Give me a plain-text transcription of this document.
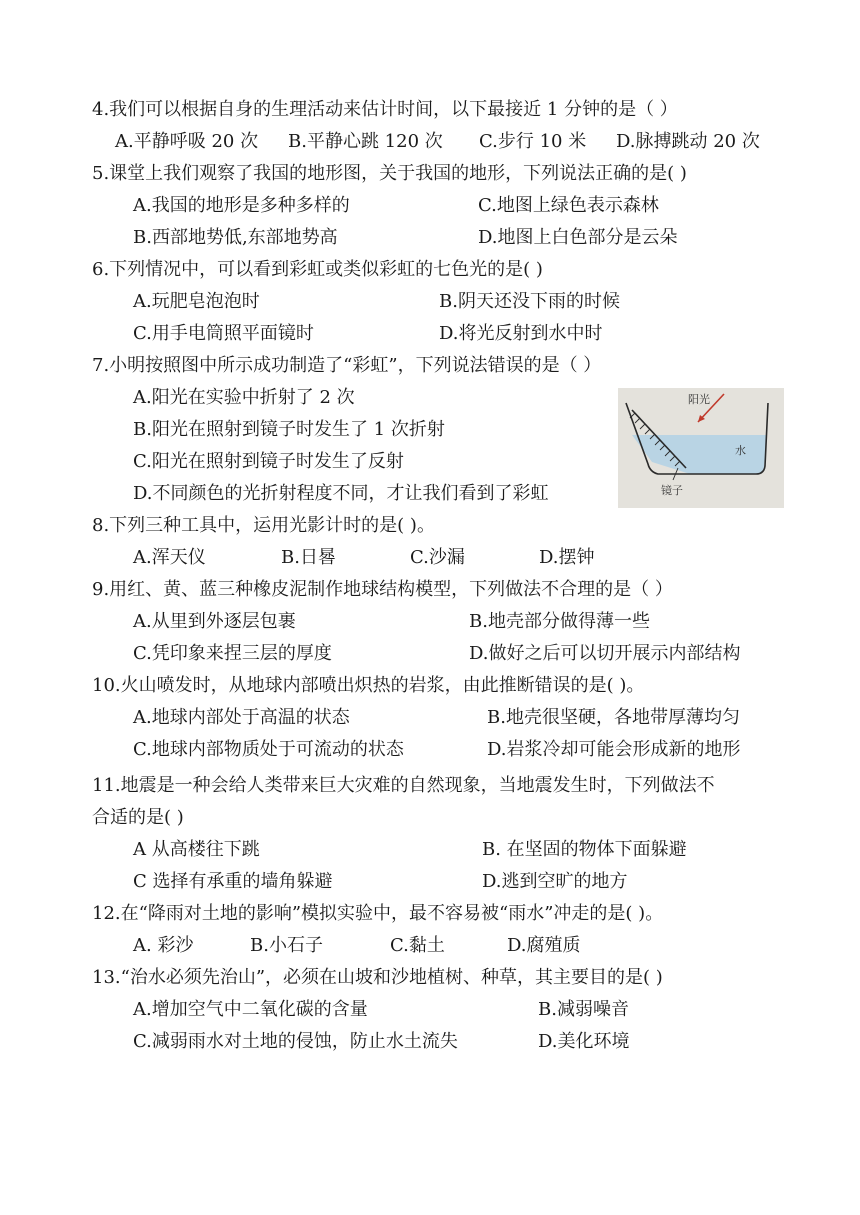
4.我们可以根据自身的生理活动来估计时间，以下最接近 1 分钟的是（ ）
A.平静呼吸 20 次 B.平静心跳 120 次 C.步行 10 米 D.脉搏跳动 20 次
5.课堂上我们观察了我国的地形图，关于我国的地形，下列说法正确的是( )
A.我国的地形是多种多样的	C.地图上绿色表示森林
B.西部地势低,东部地势高	D.地图上白色部分是云朵
6.下列情况中，可以看到彩虹或类似彩虹的七色光的是( )
A.玩肥皂泡泡时	B.阴天还没下雨的时候
C.用手电筒照平面镜时	D.将光反射到水中时
7.小明按照图中所示成功制造了“彩虹”，下列说法错误的是（ ）
A.阳光在实验中折射了 2 次
B.阳光在照射到镜子时发生了 1 次折射
C.阳光在照射到镜子时发生了反射
D.不同颜色的光折射程度不同，才让我们看到了彩虹
阳光
水
镜子
8.下列三种工具中，运用光影计时的是( )。
A.浑天仪	B.日晷	C.沙漏	D.摆钟
9.用红、黄、蓝三种橡皮泥制作地球结构模型，下列做法不合理的是（ ）
A.从里到外逐层包裹	B.地壳部分做得薄一些
C.凭印象来捏三层的厚度	D.做好之后可以切开展示内部结构
10.火山喷发时，从地球内部喷出炽热的岩浆，由此推断错误的是( )。
A.地球内部处于高温的状态	B.地壳很坚硬，各地带厚薄均匀
C.地球内部物质处于可流动的状态	D.岩浆冷却可能会形成新的地形
11.地震是一种会给人类带来巨大灾难的自然现象，当地震发生时，下列做法不
合适的是( )
A 从高楼往下跳	B. 在坚固的物体下面躲避
C 选择有承重的墙角躲避	D.逃到空旷的地方
12.在“降雨对土地的影响”模拟实验中，最不容易被“雨水”冲走的是( )。
A. 彩沙	B.小石子	C.黏土	D.腐殖质
13.“治水必须先治山”，必须在山坡和沙地植树、种草，其主要目的是( )
A.增加空气中二氧化碳的含量	B.减弱噪音
C.减弱雨水对土地的侵蚀，防止水土流失	D.美化环境
